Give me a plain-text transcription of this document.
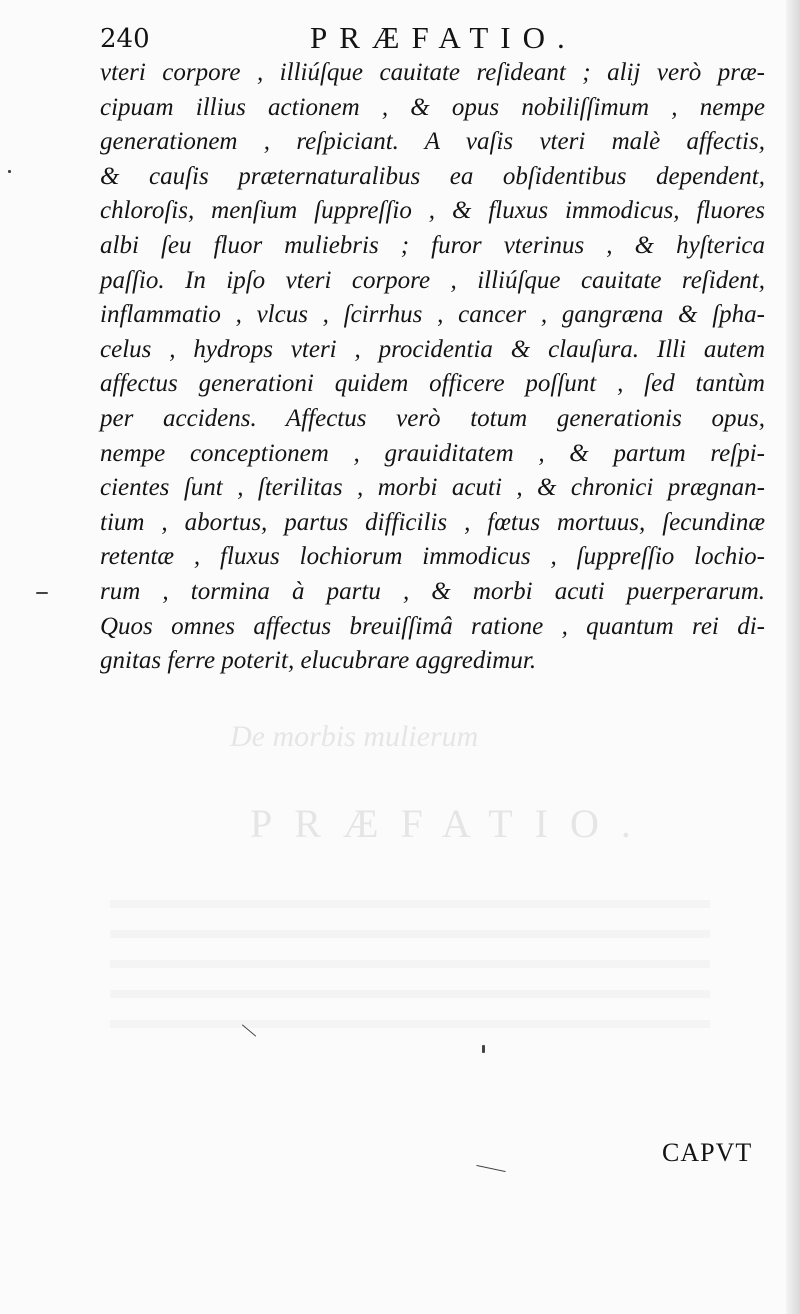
De morbis mulierum
PRÆFATIO.
240	PRÆFATIO.
vteri corpore , illiúſque cauitate reſideant ; alij verò præ-
cipuam illius actionem , & opus nobiliſſimum , nempe
generationem , reſpiciant. A vaſis vteri malè affectis,
& cauſis præternaturalibus ea obſidentibus dependent,
chloroſis, menſium ſuppreſſio , & fluxus immodicus, fluores
albi ſeu fluor muliebris ; furor vterinus , & hyſterica
paſſio. In ipſo vteri corpore , illiúſque cauitate reſident,
inflammatio , vlcus , ſcirrhus , cancer , gangræna & ſpha-
celus , hydrops vteri , procidentia & clauſura. Illi autem
affectus generationi quidem officere poſſunt , ſed tantùm
per accidens. Affectus verò totum generationis opus,
nempe conceptionem , grauiditatem , & partum reſpi-
cientes ſunt , ſterilitas , morbi acuti , & chronici prægnan-
tium , abortus, partus difficilis , fœtus mortuus, ſecundinæ
retentæ , fluxus lochiorum immodicus , ſuppreſſio lochio-
rum , tormina à partu , & morbi acuti puerperarum.
Quos omnes affectus breuiſſimâ ratione , quantum rei di-
gnitas ferre poterit, elucubrare aggredimur.
CAPVT
